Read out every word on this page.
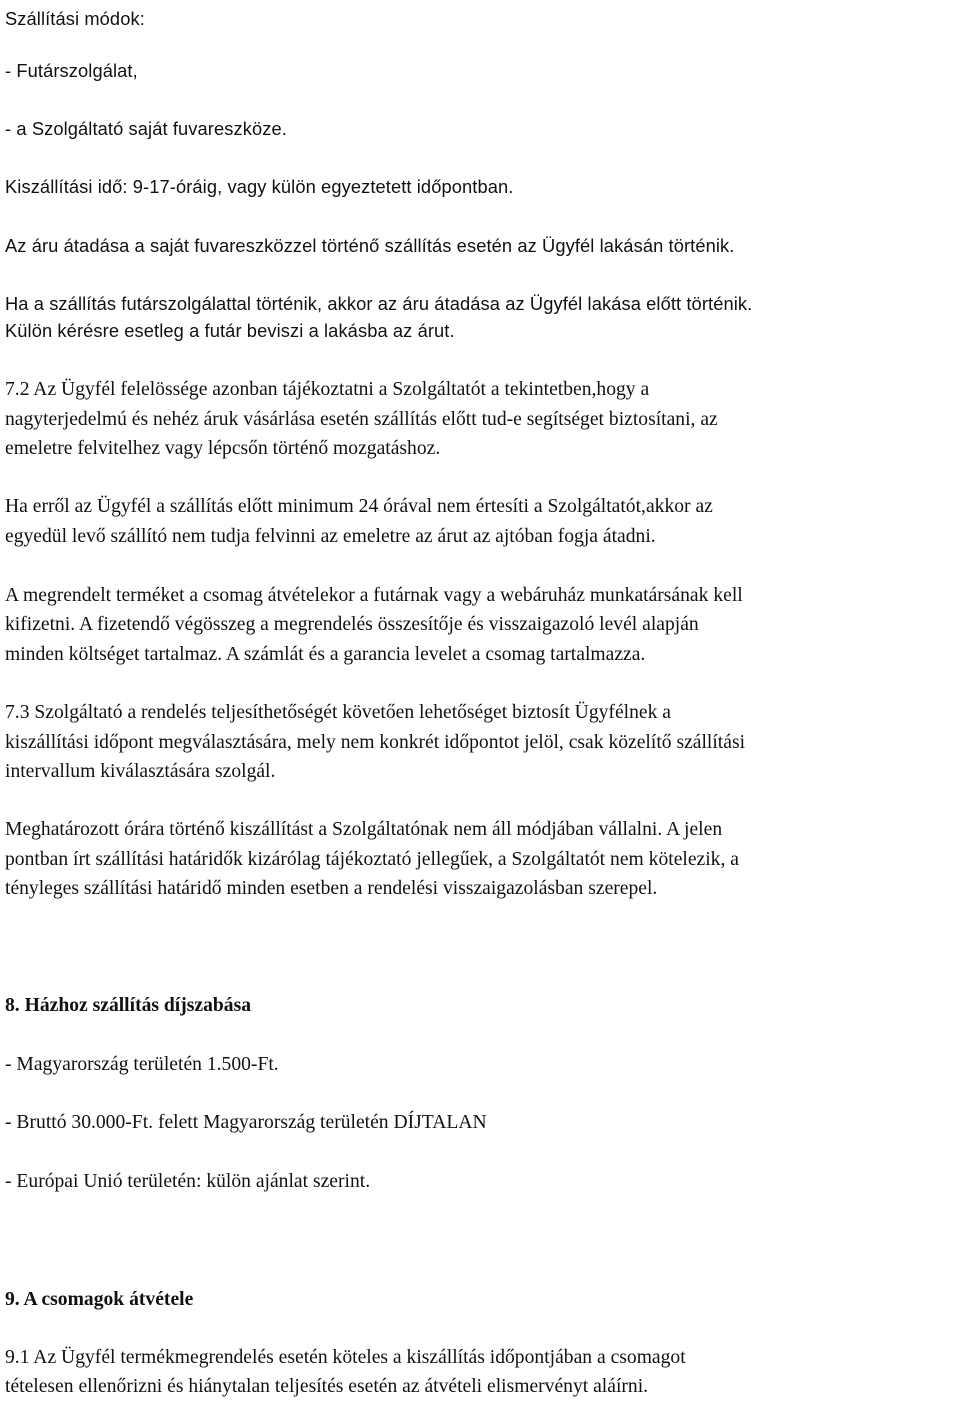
Szállítási módok:

- Futárszolgálat,

- a Szolgáltató saját fuvareszköze.

Kiszállítási idő: 9-17-óráig, vagy külön egyeztetett időpontban.

Az áru átadása a saját fuvareszközzel történő szállítás esetén az Ügyfél lakásán történik.

Ha a szállítás futárszolgálattal történik, akkor az áru átadása az Ügyfél lakása előtt történik.

Külön kérésre esetleg a futár beviszi a lakásba az árut.

7.2 Az Ügyfél felelössége azonban tájékoztatni a Szolgáltatót a tekintetben,hogy a

nagyterjedelmú és nehéz áruk vásárlása esetén szállítás előtt tud-e segítséget biztosítani, az

emeletre felvitelhez vagy lépcsőn történő mozgatáshoz.

Ha erről az Ügyfél a szállítás előtt minimum 24 órával nem értesíti a Szolgáltatót,akkor az

egyedül levő szállító nem tudja felvinni az emeletre az árut az ajtóban fogja átadni.

A megrendelt terméket a csomag átvételekor a futárnak vagy a webáruház munkatársának kell

kifizetni. A fizetendő végösszeg a megrendelés összesítője és visszaigazoló levél alapján

minden költséget tartalmaz. A számlát és a garancia levelet a csomag tartalmazza.

7.3 Szolgáltató a rendelés teljesíthetőségét követően lehetőséget biztosít Ügyfélnek a

kiszállítási időpont megválasztására, mely nem konkrét időpontot jelöl, csak közelítő szállítási

intervallum kiválasztására szolgál.

Meghatározott órára történő kiszállítást a Szolgáltatónak nem áll módjában vállalni. A jelen

pontban írt szállítási határidők kizárólag tájékoztató jellegűek, a Szolgáltatót nem kötelezik, a

tényleges szállítási határidő minden esetben a rendelési visszaigazolásban szerepel.

8. Házhoz szállítás díjszabása

- Magyarország területén 1.500-Ft.

- Bruttó 30.000-Ft. felett Magyarország területén DÍJTALAN

- Európai Unió területén: külön ajánlat szerint.

9. A csomagok átvétele

9.1 Az Ügyfél termékmegrendelés esetén köteles a kiszállítás időpontjában a csomagot

tételesen ellenőrizni és hiánytalan teljesítés esetén az átvételi elismervényt aláírni.
